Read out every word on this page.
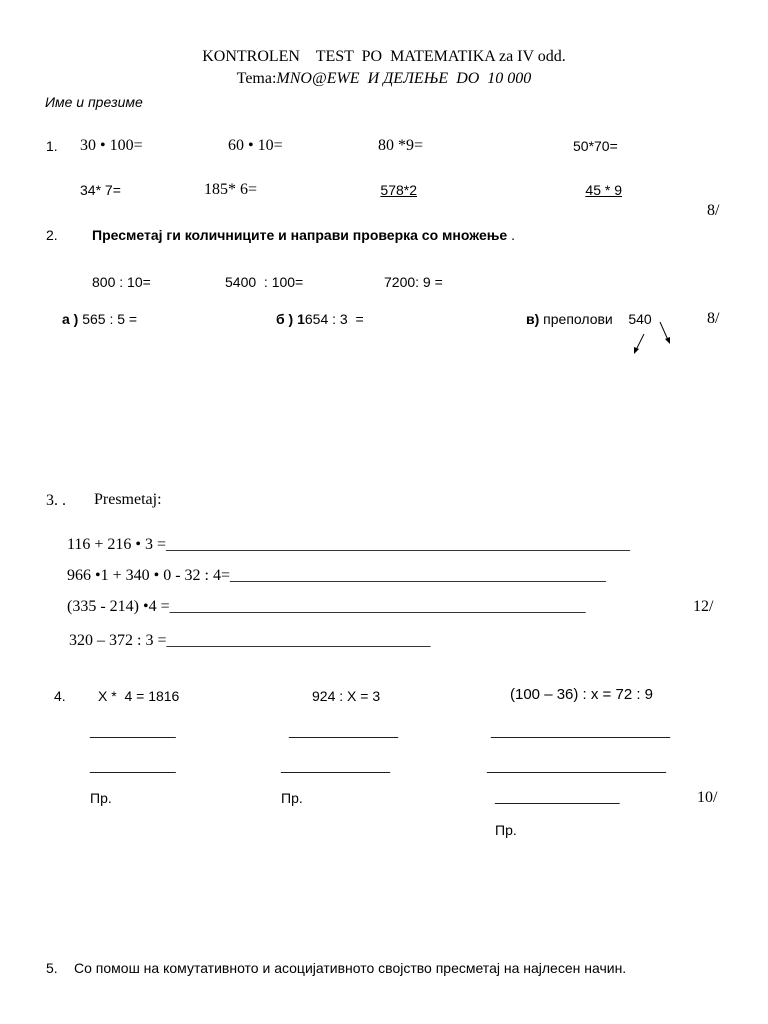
KONTROLEN    TEST  PO  MATEMATIKA za IV odd.
Tema:MNO@EWE  И ДЕЛЕЊЕ  DO  10 000
Име и презиме
1. 30 • 100=	60 • 10=	80 *9=	50*70=
34* 7=	185* 6=	578*2	45 * 9
8/
2. Пресметај ги количниците и направи проверка со множење .
800 : 10=	5400  : 100=	7200: 9 =
а ) 565 : 5 =	б ) 1654 : 3  =	в) преполови    540	8/
3. . Presmetaj:
116 + 216 • 3 =__________________________________________________________
966 •1 + 340 • 0 - 32 : 4=_______________________________________________
(335 - 214) •4 =____________________________________________________	12/
320 – 372 : 3 =_________________________________
4. X *  4 = 1816	924 : X = 3	(100 – 36) : x = 72 : 9
___________	______________	_______________________
___________	______________	_______________________
Пр.	Пр.	________________	10/
Пр.
5. Со помош на комутативното и асоцијативното својство пресметај на најлесен начин.
